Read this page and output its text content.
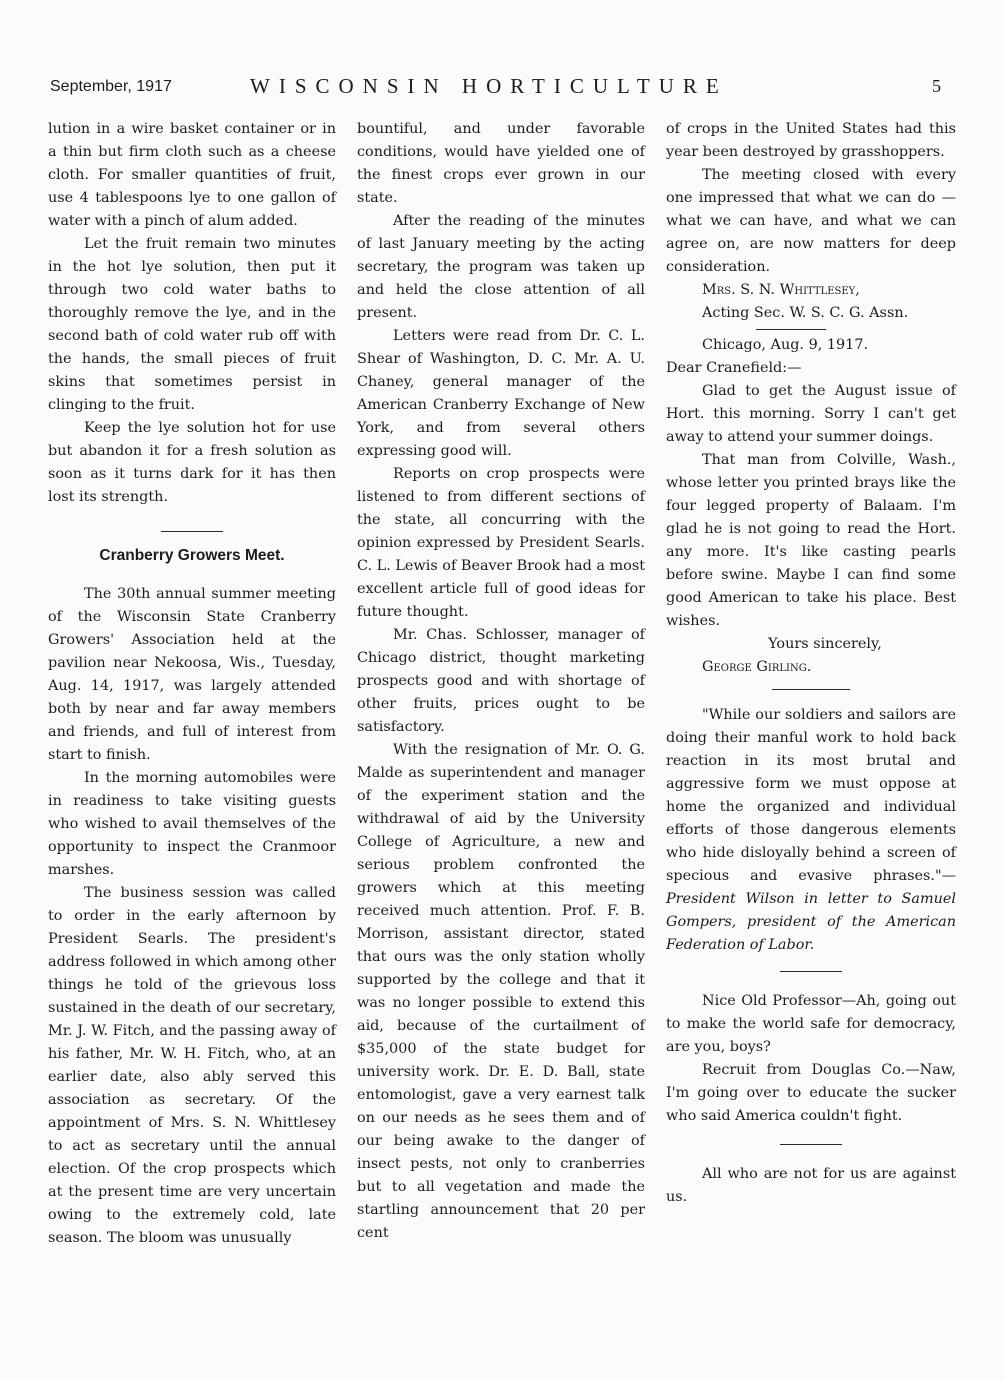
September, 1917	WISCONSIN HORTICULTURE	5

lution in a wire basket container or in a thin but firm cloth such as a cheese cloth. For smaller quantities of fruit, use 4 tablespoons lye to one gallon of water with a pinch of alum added.

Let the fruit remain two minutes in the hot lye solution, then put it through two cold water baths to thoroughly remove the lye, and in the second bath of cold water rub off with the hands, the small pieces of fruit skins that sometimes persist in clinging to the fruit.

Keep the lye solution hot for use but abandon it for a fresh solution as soon as it turns dark for it has then lost its strength.

Cranberry Growers Meet.

The 30th annual summer meeting of the Wisconsin State Cranberry Growers' Association held at the pavilion near Nekoosa, Wis., Tuesday, Aug. 14, 1917, was largely attended both by near and far away members and friends, and full of interest from start to finish.

In the morning automobiles were in readiness to take visiting guests who wished to avail themselves of the opportunity to inspect the Cranmoor marshes.

The business session was called to order in the early afternoon by President Searls. The president's address followed in which among other things he told of the grievous loss sustained in the death of our secretary, Mr. J. W. Fitch, and the passing away of his father, Mr. W. H. Fitch, who, at an earlier date, also ably served this association as secretary. Of the appointment of Mrs. S. N. Whittlesey to act as secretary until the annual election. Of the crop prospects which at the present time are very uncertain owing to the extremely cold, late season. The bloom was unusually

bountiful, and under favorable conditions, would have yielded one of the finest crops ever grown in our state.

After the reading of the minutes of last January meeting by the acting secretary, the program was taken up and held the close attention of all present.

Letters were read from Dr. C. L. Shear of Washington, D. C. Mr. A. U. Chaney, general manager of the American Cranberry Exchange of New York, and from several others expressing good will.

Reports on crop prospects were listened to from different sections of the state, all concurring with the opinion expressed by President Searls. C. L. Lewis of Beaver Brook had a most excellent article full of good ideas for future thought.

Mr. Chas. Schlosser, manager of Chicago district, thought marketing prospects good and with shortage of other fruits, prices ought to be satisfactory.

With the resignation of Mr. O. G. Malde as superintendent and manager of the experiment station and the withdrawal of aid by the University College of Agriculture, a new and serious problem confronted the growers which at this meeting received much attention. Prof. F. B. Morrison, assistant director, stated that ours was the only station wholly supported by the college and that it was no longer possible to extend this aid, because of the curtailment of $35,000 of the state budget for university work. Dr. E. D. Ball, state entomologist, gave a very earnest talk on our needs as he sees them and of our being awake to the danger of insect pests, not only to cranberries but to all vegetation and made the startling announcement that 20 per cent

of crops in the United States had this year been destroyed by grasshoppers.

The meeting closed with every one impressed that what we can do —what we can have, and what we can agree on, are now matters for deep consideration.

Mrs. S. N. Whittlesey,

Acting Sec. W. S. C. G. Assn.

Chicago, Aug. 9, 1917.

Dear Cranefield:—

Glad to get the August issue of Hort. this morning. Sorry I can't get away to attend your summer doings.

That man from Colville, Wash., whose letter you printed brays like the four legged property of Balaam. I'm glad he is not going to read the Hort. any more. It's like casting pearls before swine. Maybe I can find some good American to take his place. Best wishes.

Yours sincerely,

George Girling.

"While our soldiers and sailors are doing their manful work to hold back reaction in its most brutal and aggressive form we must oppose at home the organized and individual efforts of those dangerous elements who hide disloyally behind a screen of specious and evasive phrases."—President Wilson in letter to Samuel Gompers, president of the American Federation of Labor.

Nice Old Professor—Ah, going out to make the world safe for democracy, are you, boys?

Recruit from Douglas Co.—Naw, I'm going over to educate the sucker who said America couldn't fight.

All who are not for us are against us.
